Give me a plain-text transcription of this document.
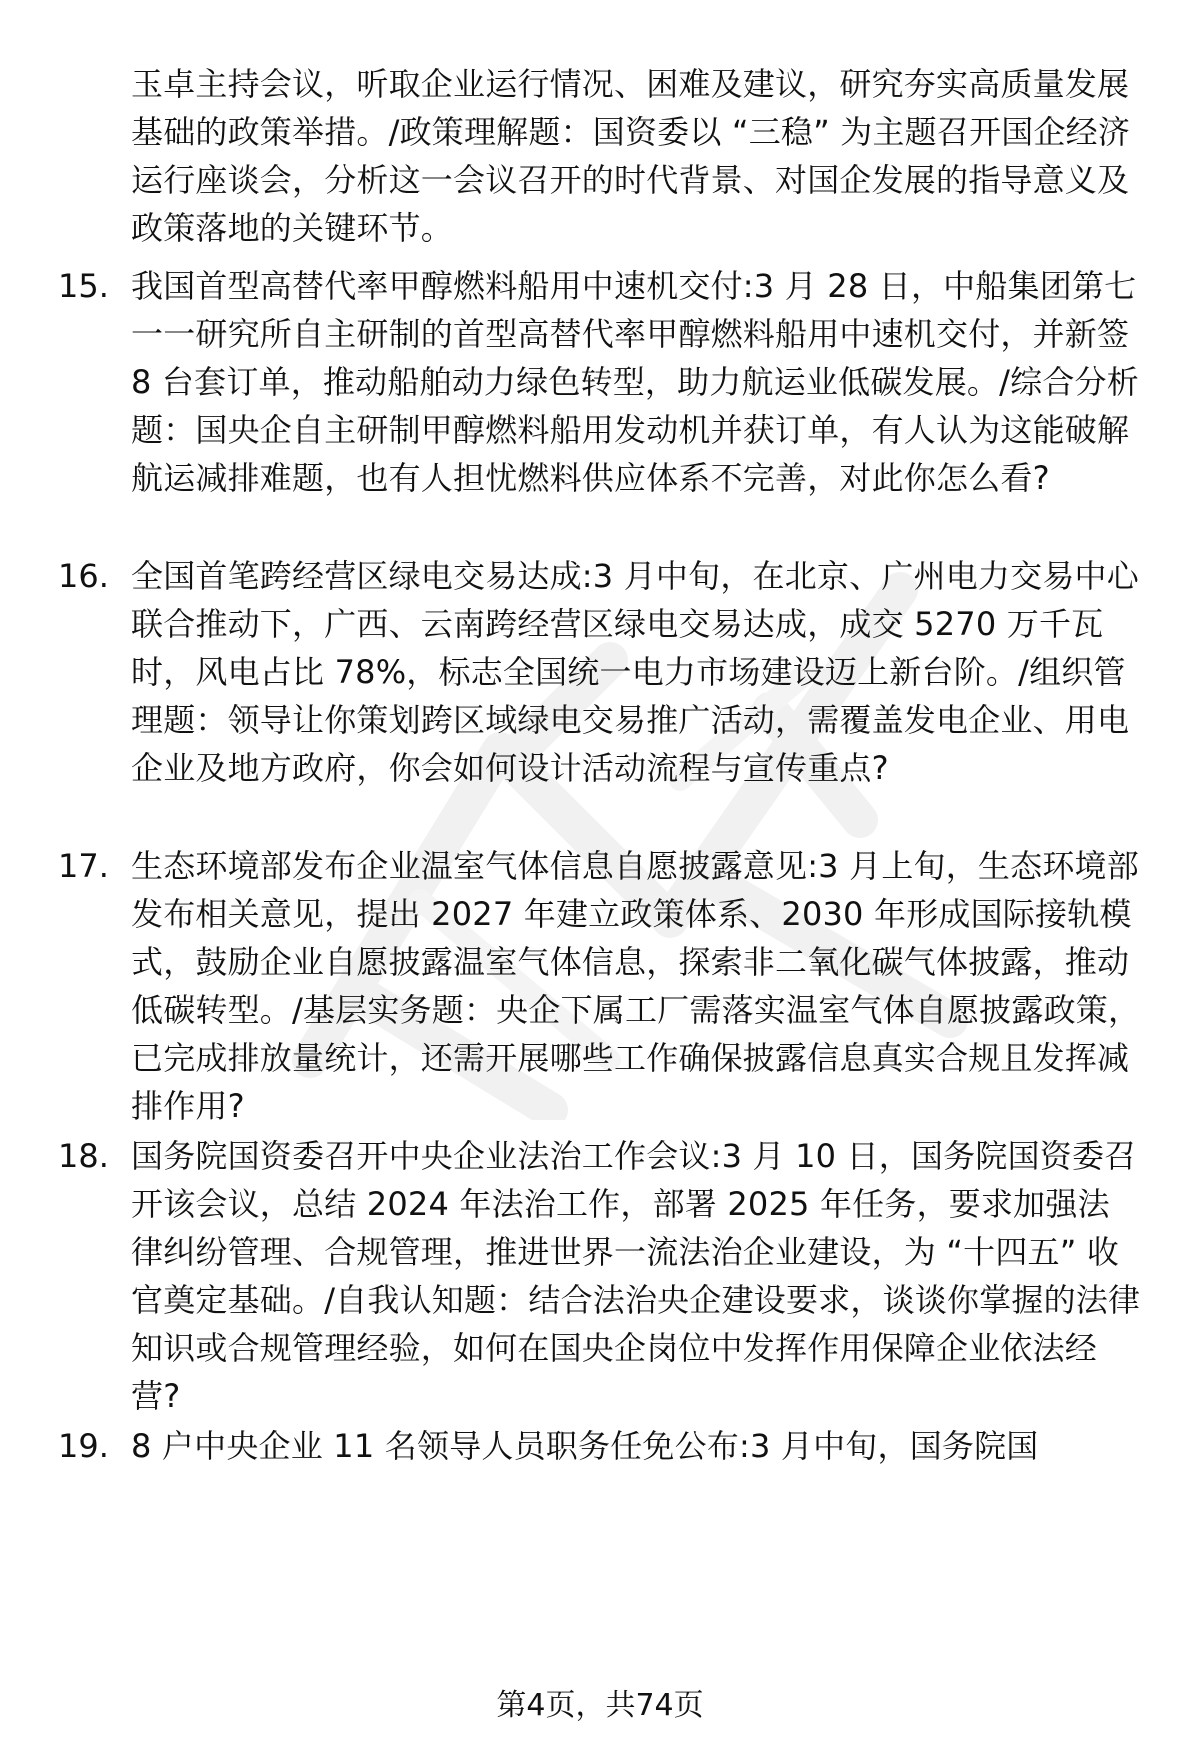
玉卓主持会议，听取企业运行情况、困难及建议，研究夯实高质量发展基础的政策举措。/政策理解题：国资委以 “三稳” 为主题召开国企经济运行座谈会，分析这一会议召开的时代背景、对国企发展的指导意义及政策落地的关键环节。
15. 我国首型高替代率甲醇燃料船用中速机交付:3 月 28 日，中船集团第七一一研究所自主研制的首型高替代率甲醇燃料船用中速机交付，并新签 8 台套订单，推动船舶动力绿色转型，助力航运业低碳发展。/综合分析题：国央企自主研制甲醇燃料船用发动机并获订单，有人认为这能破解航运减排难题，也有人担忧燃料供应体系不完善，对此你怎么看?
16. 全国首笔跨经营区绿电交易达成:3 月中旬，在北京、广州电力交易中心联合推动下，广西、云南跨经营区绿电交易达成，成交 5270 万千瓦时，风电占比 78%，标志全国统一电力市场建设迈上新台阶。/组织管理题：领导让你策划跨区域绿电交易推广活动，需覆盖发电企业、用电企业及地方政府，你会如何设计活动流程与宣传重点?
17. 生态环境部发布企业温室气体信息自愿披露意见:3 月上旬，生态环境部发布相关意见，提出 2027 年建立政策体系、2030 年形成国际接轨模式，鼓励企业自愿披露温室气体信息，探索非二氧化碳气体披露，推动低碳转型。/基层实务题：央企下属工厂需落实温室气体自愿披露政策，已完成排放量统计，还需开展哪些工作确保披露信息真实合规且发挥减排作用?
18. 国务院国资委召开中央企业法治工作会议:3 月 10 日，国务院国资委召开该会议，总结 2024 年法治工作，部署 2025 年任务，要求加强法律纠纷管理、合规管理，推进世界一流法治企业建设，为 “十四五” 收官奠定基础。/自我认知题：结合法治央企建设要求，谈谈你掌握的法律知识或合规管理经验，如何在国央企岗位中发挥作用保障企业依法经营?
19. 8 户中央企业 11 名领导人员职务任免公布:3 月中旬，国务院国
第4页，共74页
